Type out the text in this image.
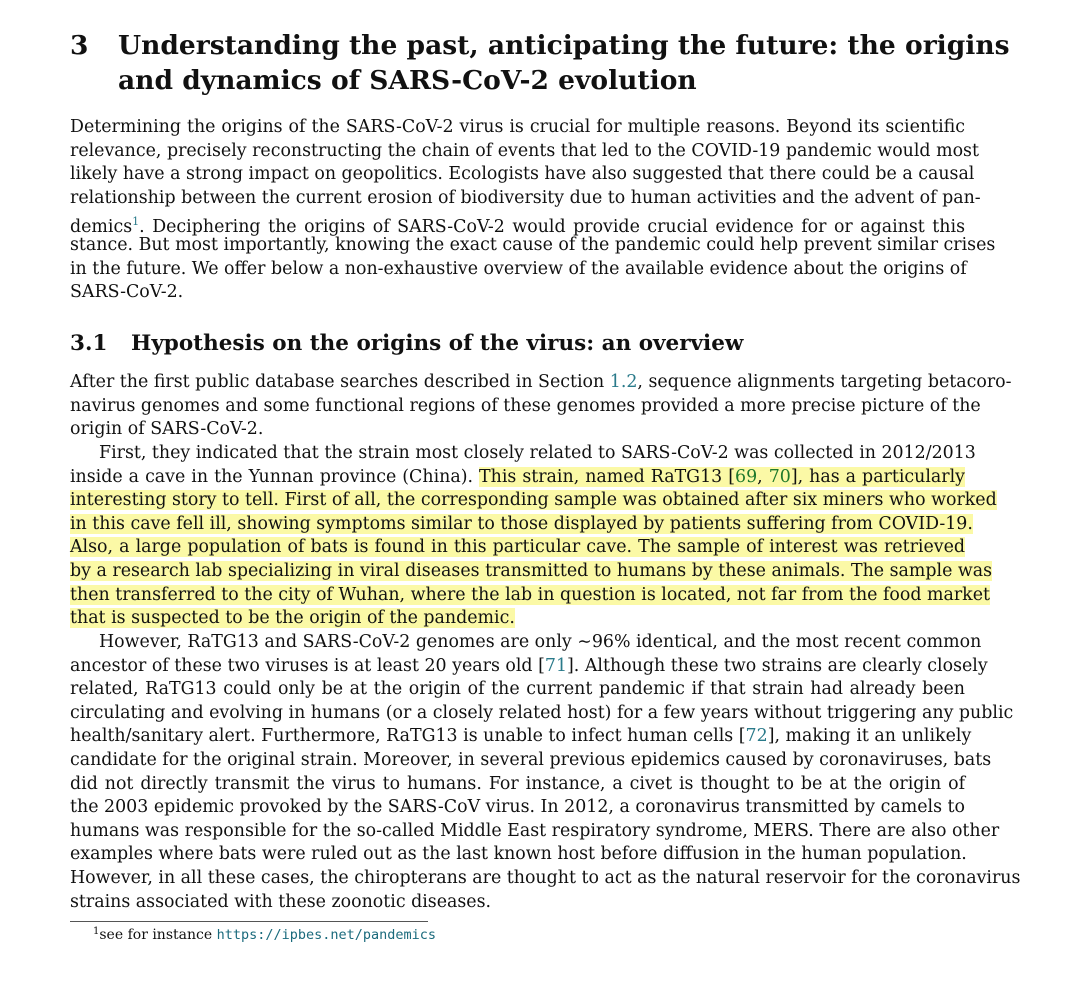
3 Understanding the past, anticipating the future: the origins
and dynamics of SARS-CoV-2 evolution
Determining the origins of the SARS-CoV-2 virus is crucial for multiple reasons. Beyond its scientific
relevance, precisely reconstructing the chain of events that led to the COVID-19 pandemic would most
likely have a strong impact on geopolitics. Ecologists have also suggested that there could be a causal
relationship between the current erosion of biodiversity due to human activities and the advent of pan-
demics$^1$. Deciphering the origins of SARS-CoV-2 would provide crucial evidence for or against this
stance. But most importantly, knowing the exact cause of the pandemic could help prevent similar crises
in the future. We offer below a non-exhaustive overview of the available evidence about the origins of
SARS-CoV-2.
3.1 Hypothesis on the origins of the virus: an overview
After the first public database searches described in Section 1.2, sequence alignments targeting betacoro-
navirus genomes and some functional regions of these genomes provided a more precise picture of the
origin of SARS-CoV-2.
First, they indicated that the strain most closely related to SARS-CoV-2 was collected in 2012/2013
inside a cave in the Yunnan province (China). This strain, named RaTG13 [69, 70], has a particularly
interesting story to tell. First of all, the corresponding sample was obtained after six miners who worked
in this cave fell ill, showing symptoms similar to those displayed by patients suffering from COVID-19.
Also, a large population of bats is found in this particular cave. The sample of interest was retrieved
by a research lab specializing in viral diseases transmitted to humans by these animals. The sample was
then transferred to the city of Wuhan, where the lab in question is located, not far from the food market
that is suspected to be the origin of the pandemic.
However, RaTG13 and SARS-CoV-2 genomes are only ∼96% identical, and the most recent common
ancestor of these two viruses is at least 20 years old [71]. Although these two strains are clearly closely
related, RaTG13 could only be at the origin of the current pandemic if that strain had already been
circulating and evolving in humans (or a closely related host) for a few years without triggering any public
health/sanitary alert. Furthermore, RaTG13 is unable to infect human cells [72], making it an unlikely
candidate for the original strain. Moreover, in several previous epidemics caused by coronaviruses, bats
did not directly transmit the virus to humans. For instance, a civet is thought to be at the origin of
the 2003 epidemic provoked by the SARS-CoV virus. In 2012, a coronavirus transmitted by camels to
humans was responsible for the so-called Middle East respiratory syndrome, MERS. There are also other
examples where bats were ruled out as the last known host before diffusion in the human population.
However, in all these cases, the chiropterans are thought to act as the natural reservoir for the coronavirus
strains associated with these zoonotic diseases.
$^1$see for instance https://ipbes.net/pandemics
